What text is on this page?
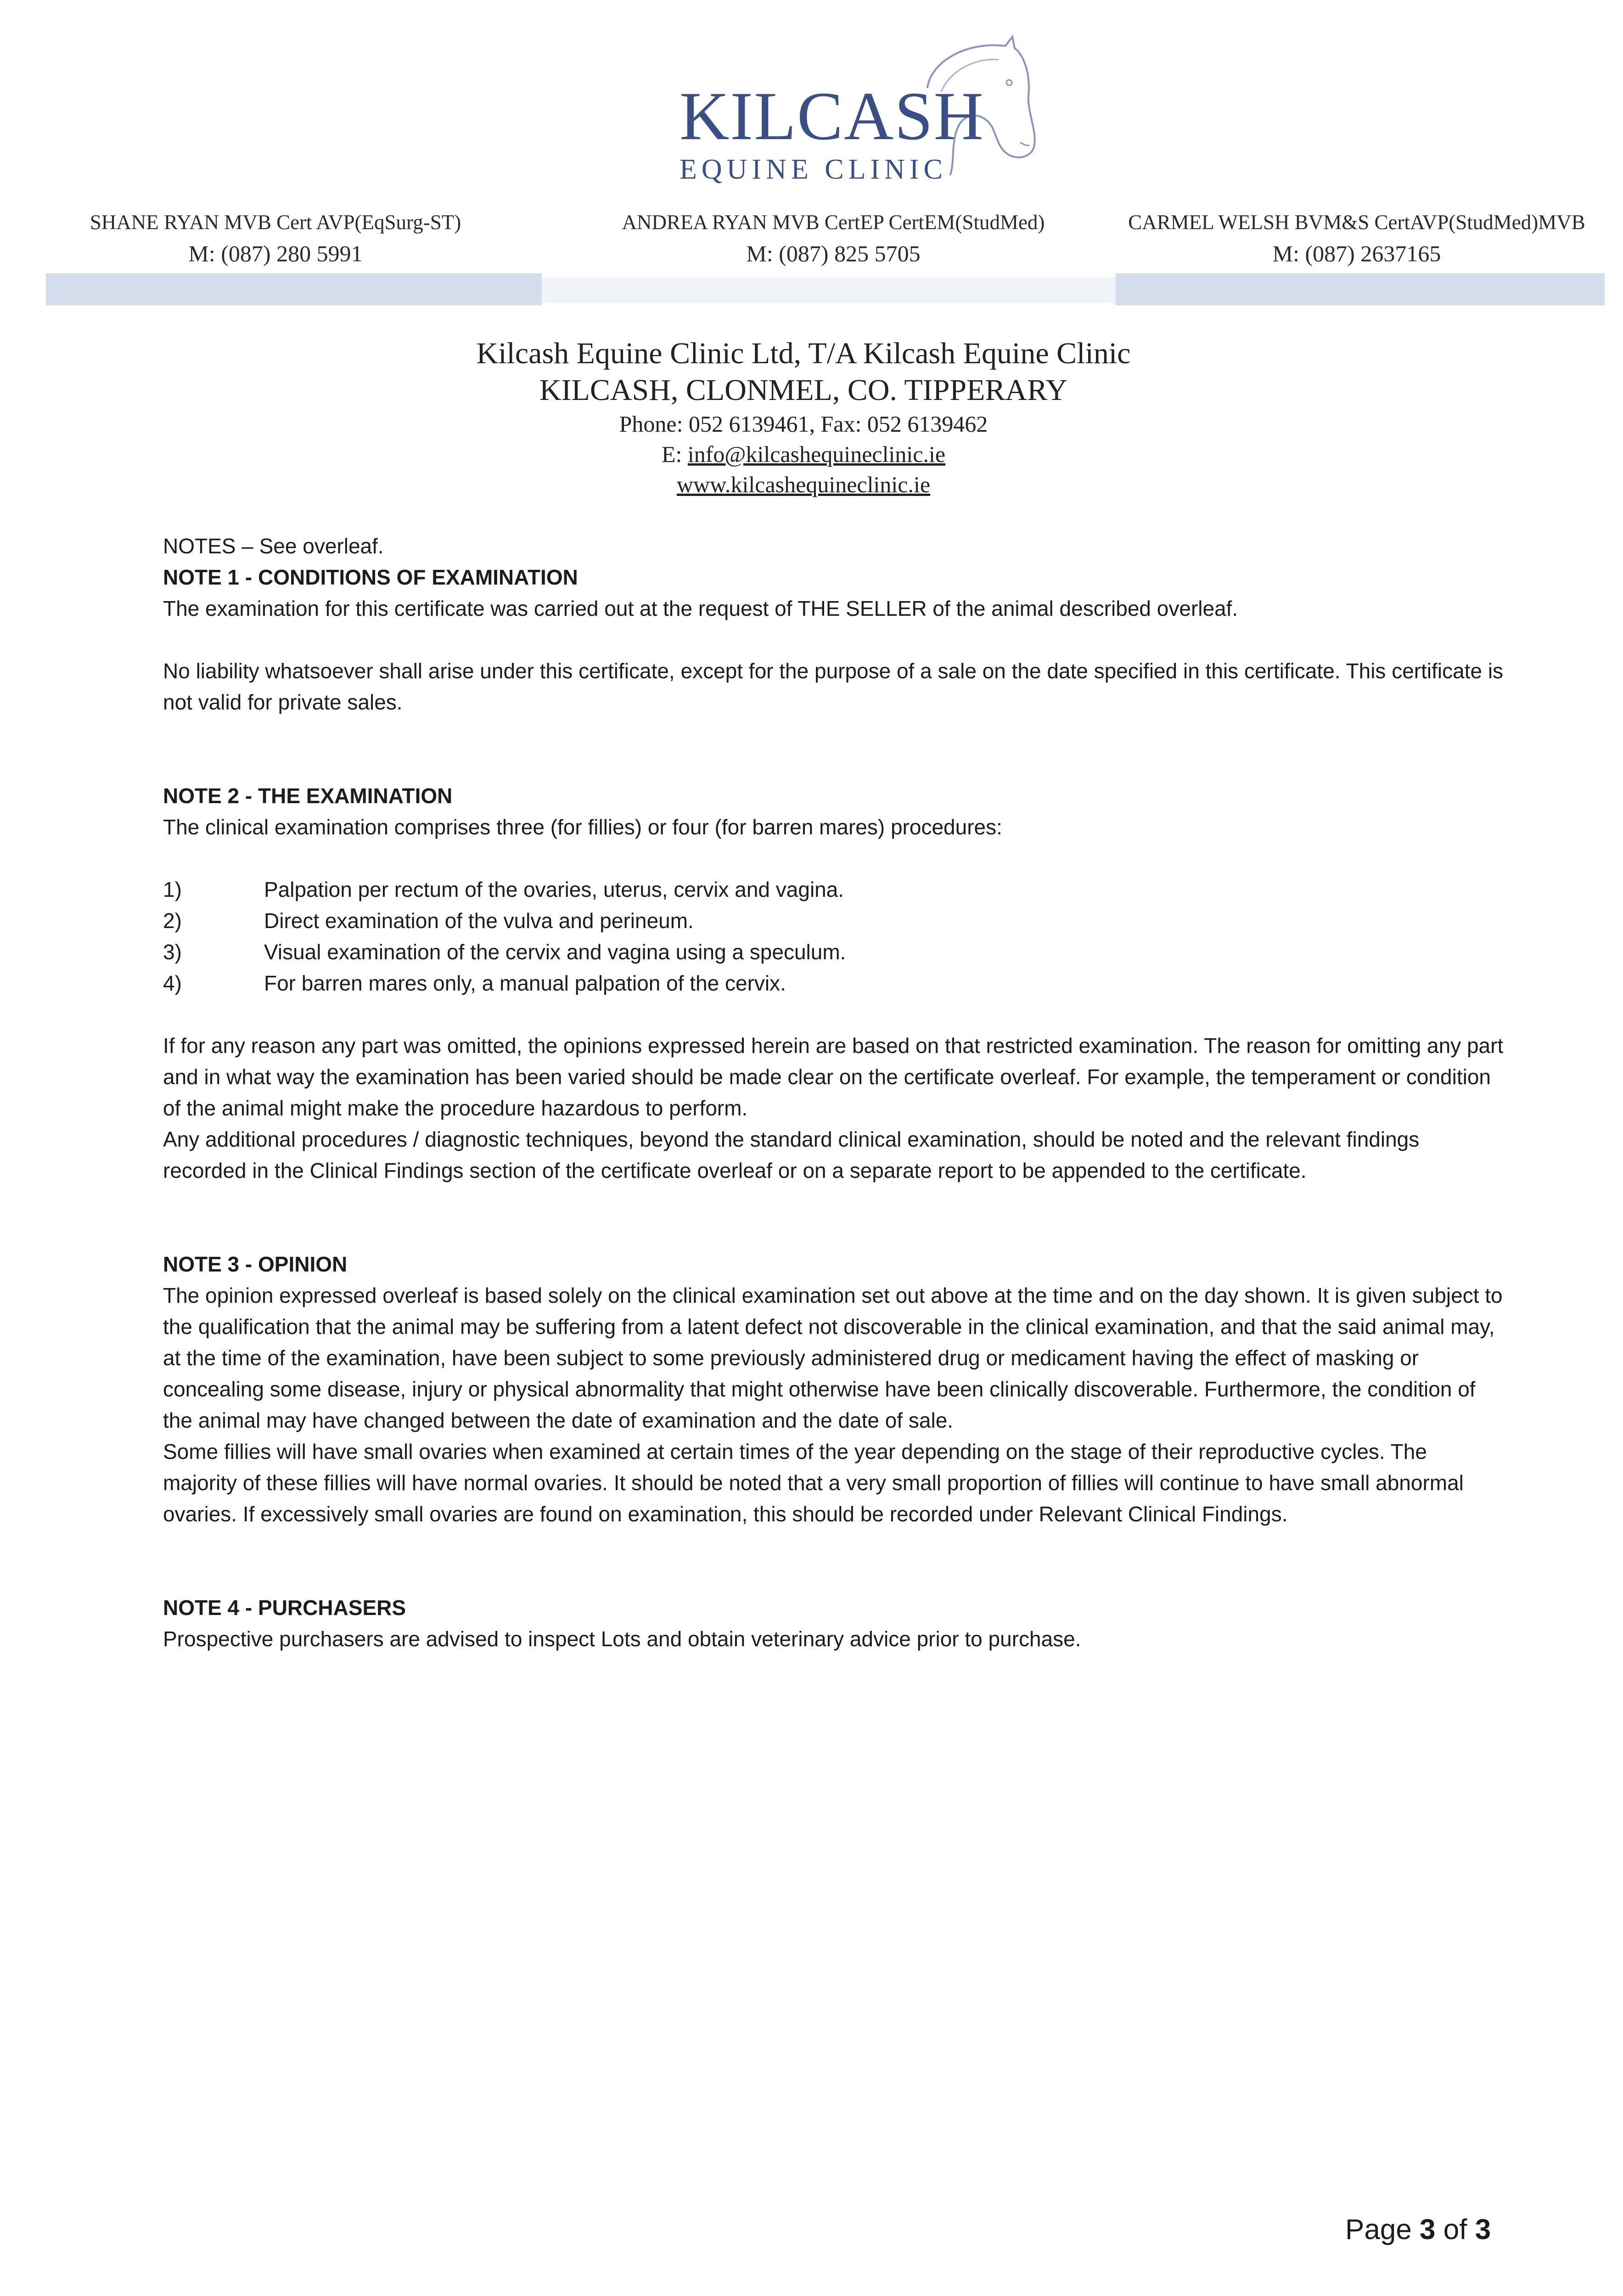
KILCASH
EQUINE CLINIC
SHANE RYAN MVB Cert AVP(EqSurg-ST)
M: (087) 280 5991
ANDREA RYAN MVB CertEP CertEM(StudMed)
M: (087) 825 5705
CARMEL WELSH BVM&S CertAVP(StudMed)MVB
M: (087) 2637165
Kilcash Equine Clinic Ltd, T/A Kilcash Equine Clinic
KILCASH, CLONMEL, CO. TIPPERARY
Phone: 052 6139461, Fax: 052 6139462
E: info@kilcashequineclinic.ie
www.kilcashequineclinic.ie

NOTES – See overleaf.

NOTE 1 - CONDITIONS OF EXAMINATION

The examination for this certificate was carried out at the request of THE SELLER of the animal described overleaf.

No liability whatsoever shall arise under this certificate, except for the purpose of a sale on the date specified in this certificate. This certificate is not valid for private sales.

NOTE 2 - THE EXAMINATION

The clinical examination comprises three (for fillies) or four (for barren mares) procedures:

1)	Palpation per rectum of the ovaries, uterus, cervix and vagina.
2)	Direct examination of the vulva and perineum.
3)	Visual examination of the cervix and vagina using a speculum.
4)	For barren mares only, a manual palpation of the cervix.

If for any reason any part was omitted, the opinions expressed herein are based on that restricted examination. The reason for omitting any part and in what way the examination has been varied should be made clear on the certificate overleaf. For example, the temperament or condition of the animal might make the procedure hazardous to perform.

Any additional procedures / diagnostic techniques, beyond the standard clinical examination, should be noted and the relevant findings recorded in the Clinical Findings section of the certificate overleaf or on a separate report to be appended to the certificate.

NOTE 3 - OPINION

The opinion expressed overleaf is based solely on the clinical examination set out above at the time and on the day shown. It is given subject to the qualification that the animal may be suffering from a latent defect not discoverable in the clinical examination, and that the said animal may, at the time of the examination, have been subject to some previously administered drug or medicament having the effect of masking or concealing some disease, injury or physical abnormality that might otherwise have been clinically discoverable. Furthermore, the condition of the animal may have changed between the date of examination and the date of sale.

Some fillies will have small ovaries when examined at certain times of the year depending on the stage of their reproductive cycles. The majority of these fillies will have normal ovaries. It should be noted that a very small proportion of fillies will continue to have small abnormal ovaries. If excessively small ovaries are found on examination, this should be recorded under Relevant Clinical Findings.

NOTE 4 - PURCHASERS

Prospective purchasers are advised to inspect Lots and obtain veterinary advice prior to purchase.

Page 3 of 3
